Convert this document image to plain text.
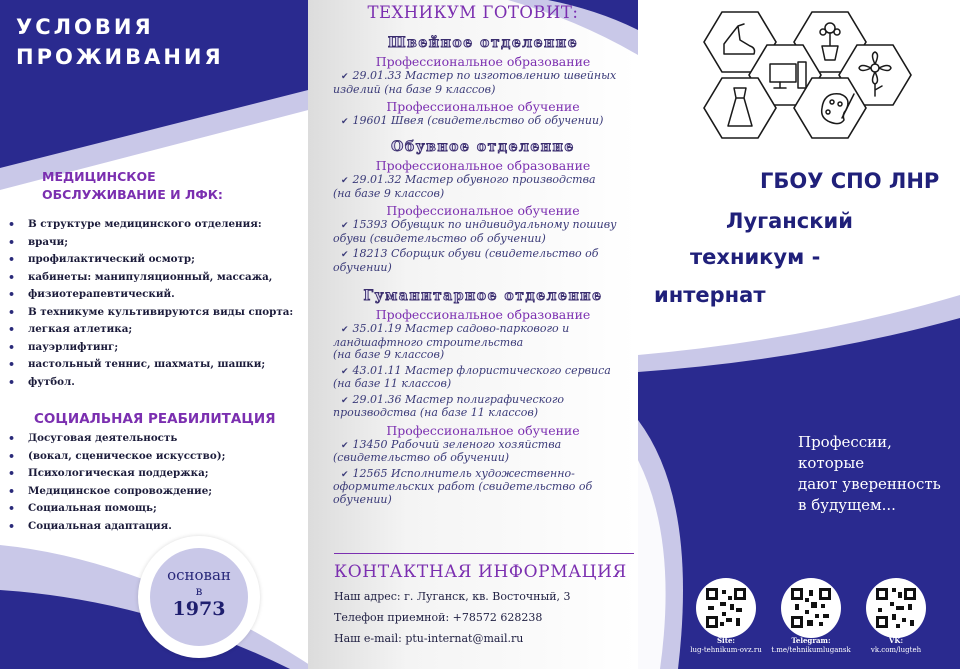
УСЛОВИЯ
ПРОЖИВАНИЯ
МЕДИЦИНСКОЕ
ОБСЛУЖИВАНИЕ И ЛФК:
• В структуре медицинского отделения:
• врачи;
• профилактический осмотр;
• кабинеты: манипуляционный, массажа,
• физиотерапевтический.
• В техникуме культивируются виды спорта:
• легкая атлетика;
• пауэрлифтинг;
• настольный теннис, шахматы, шашки;
• футбол.
СОЦИАЛЬНАЯ РЕАБИЛИТАЦИЯ
• Досуговая деятельность
• (вокал, сценическое искусство);
• Психологическая поддержка;
• Медицинское сопровождение;
• Социальная помощь;
• Социальная адаптация.
основан
в
1973
ТЕХНИКУМ ГОТОВИТ:
Швейное отделение
Профессиональное образование
✔ 29.01.33 Мастер по изготовлению швейных
изделий (на базе 9 классов)
Профессиональное обучение
✔ 19601 Швея (свидетельство об обучении)
Обувное отделение
Профессиональное образование
✔ 29.01.32 Мастер обувного производства
(на базе 9 классов)
Профессиональное обучение
✔ 15393 Обувщик по индивидуальному пошиву
обуви (свидетельство об обучении)
✔ 18213 Сборщик обуви (свидетельство об
обучении)
Гуманитарное отделение
Профессиональное образование
✔ 35.01.19 Мастер садово-паркового и
ландшафтного строительства
(на базе 9 классов)
✔ 43.01.11 Мастер флористического сервиса
(на базе 11 классов)
✔ 29.01.36 Мастер полиграфического
производства (на базе 11 классов)
Профессиональное обучение
✔ 13450 Рабочий зеленого хозяйства
(свидетельство об обучении)
✔ 12565 Исполнитель художественно-
оформительских работ (свидетельство об
обучении)
КОНТАКТНАЯ ИНФОРМАЦИЯ
Наш адрес: г. Луганск, кв. Восточный, 3
Телефон приемной: +78572 628238
Наш e-mail: ptu-internat@mail.ru
ГБОУ СПО ЛНР
Луганский
техникум -
интернат
Профессии,
которые
дают уверенность
в будущем...
Site:
lug-tehnikum-ovz.ru
Telegram:
t.me/tehnikumlugansk
VK:
vk.com/lugteh
